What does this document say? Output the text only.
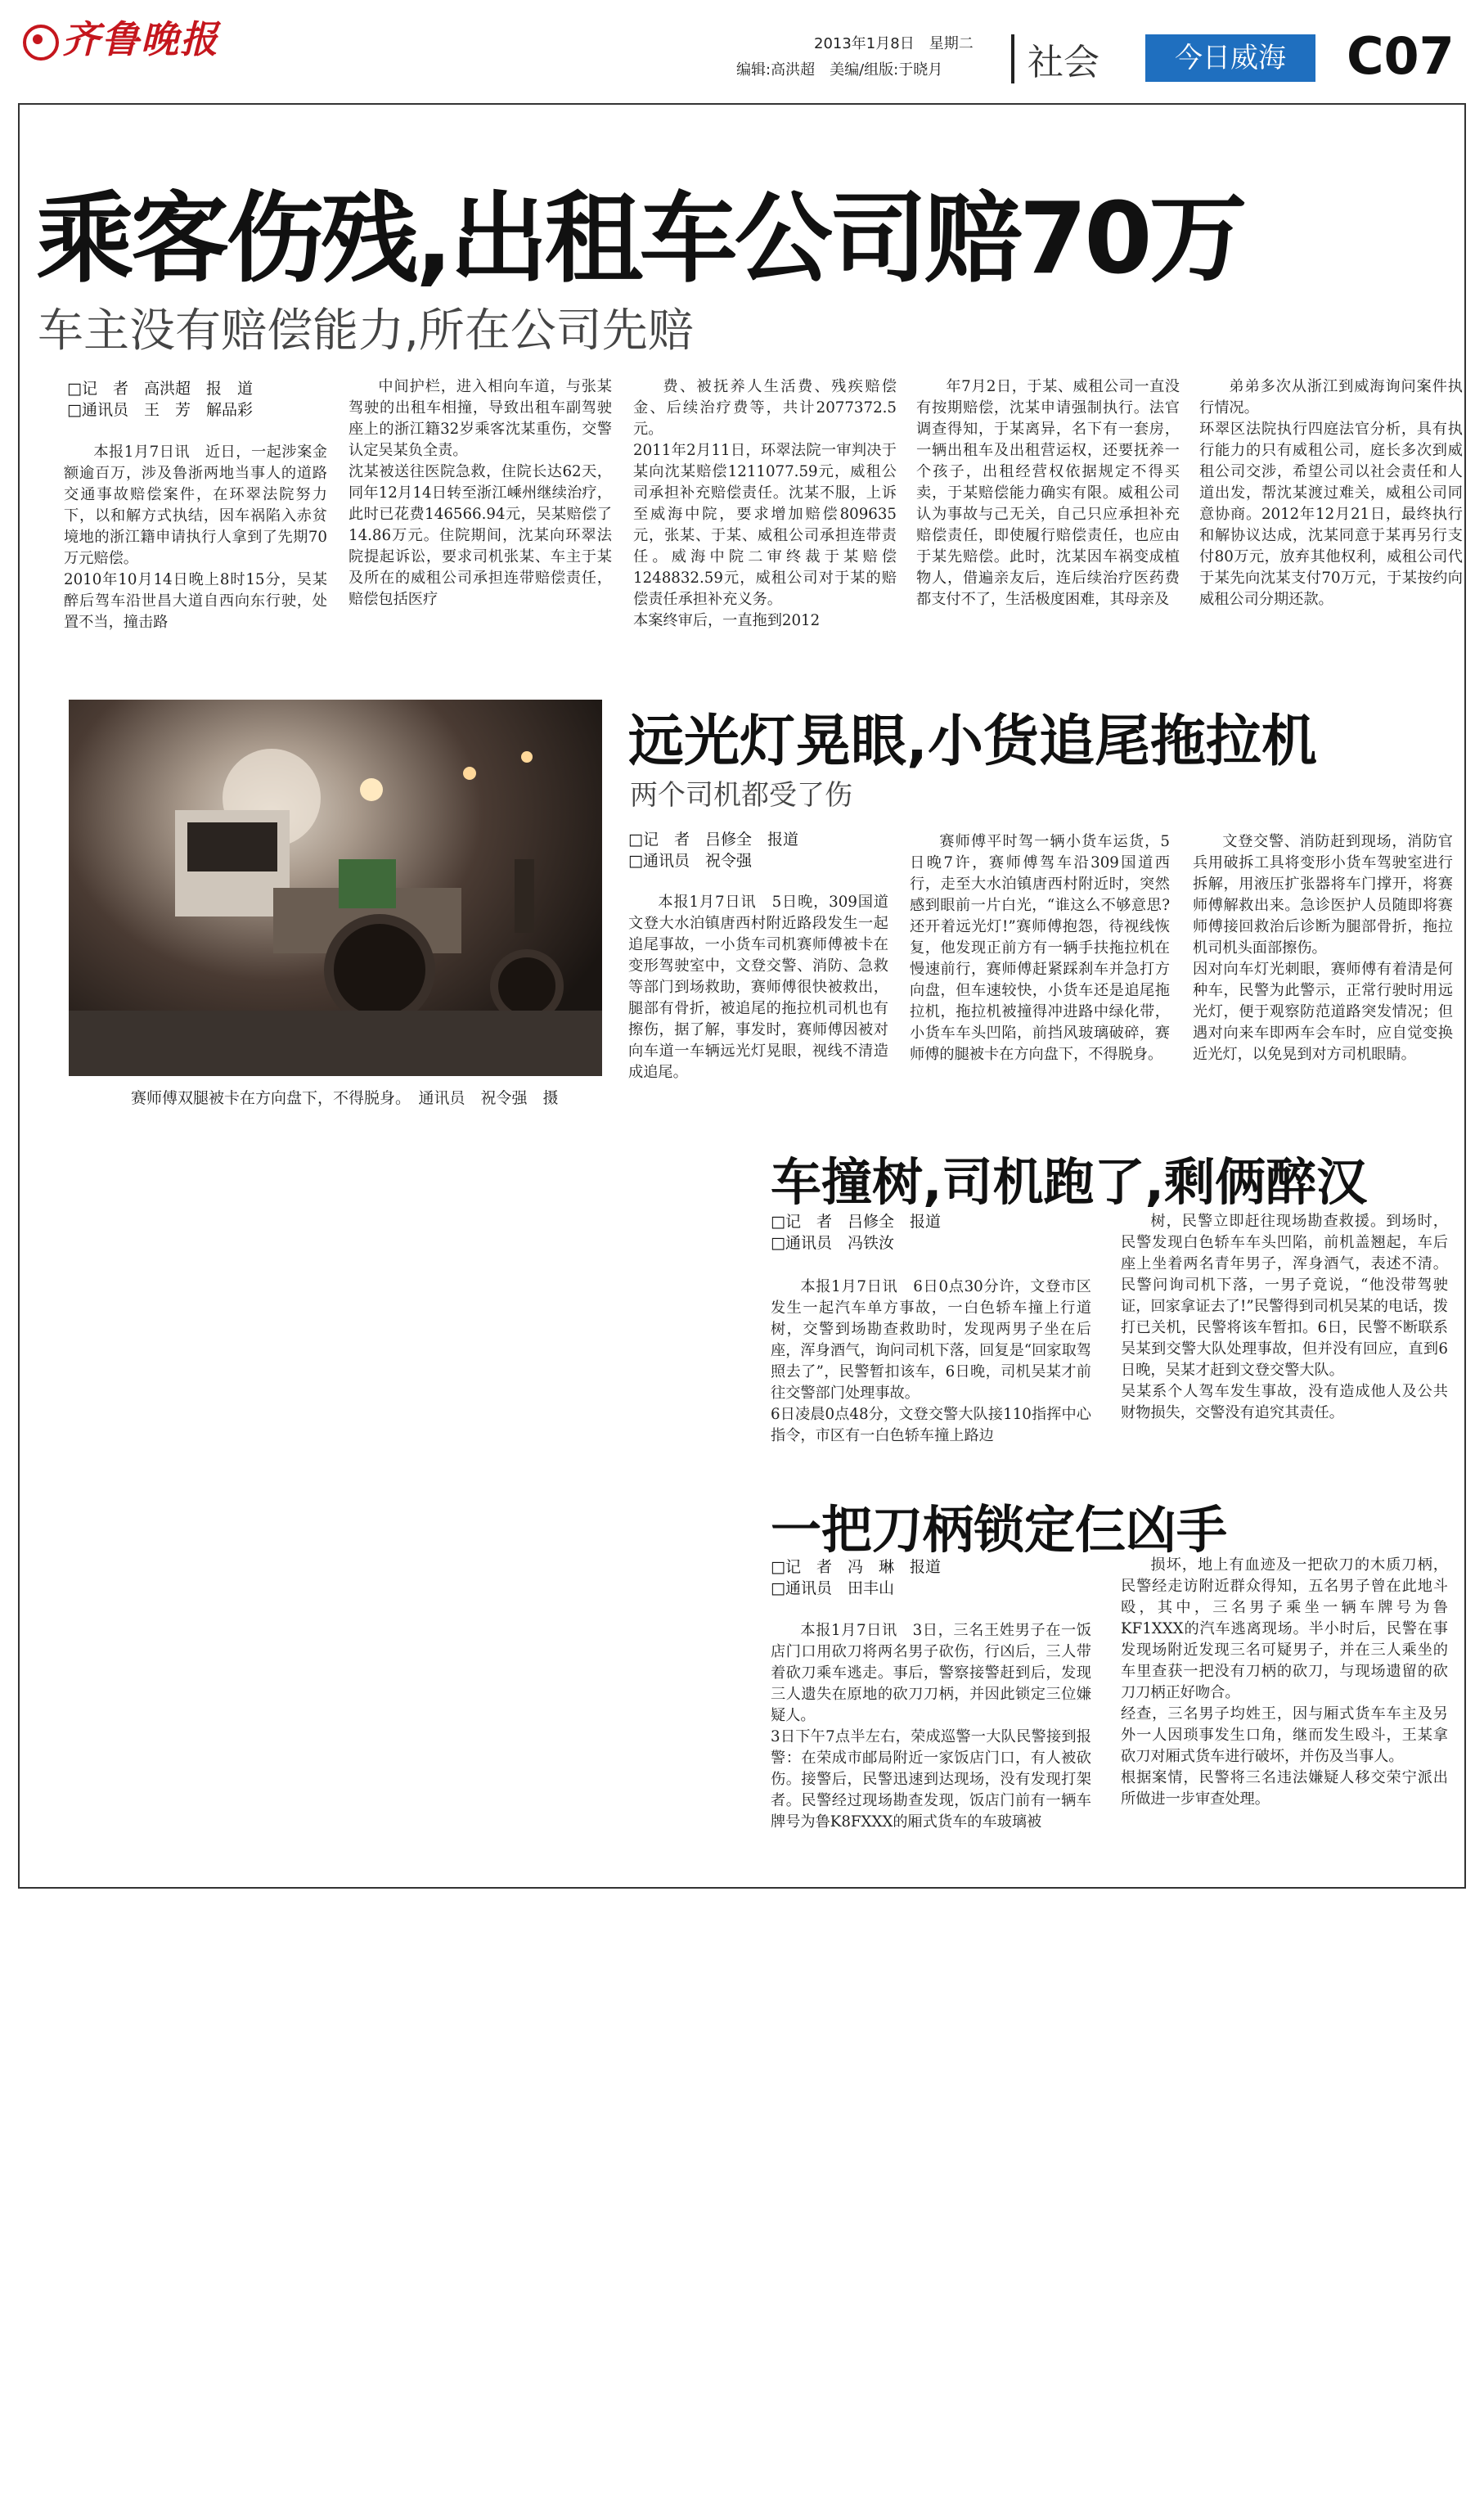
齐鲁晚报	2013年1月8日　星期二
编辑:高洪超　美编/组版:于晓月	社会	今日威海	C07
乘客伤残,出租车公司赔70万
车主没有赔偿能力,所在公司先赔
□记　者　高洪超　报　道
□通讯员　王　芳　解品彩

本报1月7日讯　近日，一起涉案金额逾百万，涉及鲁浙两地当事人的道路交通事故赔偿案件，在环翠法院努力下，以和解方式执结，因车祸陷入赤贫境地的浙江籍申请执行人拿到了先期70万元赔偿。
2010年10月14日晚上8时15分，吴某醉后驾车沿世昌大道自西向东行驶，处置不当，撞击路

中间护栏，进入相向车道，与张某驾驶的出租车相撞，导致出租车副驾驶座上的浙江籍32岁乘客沈某重伤，交警认定吴某负全责。
沈某被送往医院急救，住院长达62天，同年12月14日转至浙江嵊州继续治疗，此时已花费146566.94元，吴某赔偿了14.86万元。住院期间，沈某向环翠法院提起诉讼，要求司机张某、车主于某及所在的威租公司承担连带赔偿责任，赔偿包括医疗

费、被抚养人生活费、残疾赔偿金、后续治疗费等，共计2077372.5元。
2011年2月11日，环翠法院一审判决于某向沈某赔偿1211077.59元，威租公司承担补充赔偿责任。沈某不服，上诉至威海中院，要求增加赔偿809635元，张某、于某、威租公司承担连带责任。威海中院二审终裁于某赔偿1248832.59元，威租公司对于某的赔偿责任承担补充义务。
本案终审后，一直拖到2012

年7月2日，于某、威租公司一直没有按期赔偿，沈某申请强制执行。法官调查得知，于某离异，名下有一套房，一辆出租车及出租营运权，还要抚养一个孩子，出租经营权依据规定不得买卖，于某赔偿能力确实有限。威租公司认为事故与己无关，自己只应承担补充赔偿责任，即使履行赔偿责任，也应由于某先赔偿。此时，沈某因车祸变成植物人，借遍亲友后，连后续治疗医药费都支付不了，生活极度困难，其母亲及

弟弟多次从浙江到威海询问案件执行情况。
环翠区法院执行四庭法官分析，具有执行能力的只有威租公司，庭长多次到威租公司交涉，希望公司以社会责任和人道出发，帮沈某渡过难关，威租公司同意协商。2012年12月21日，最终执行和解协议达成，沈某同意于某再另行支付80万元，放弃其他权利，威租公司代于某先向沈某支付70万元，于某按约向威租公司分期还款。

赛师傅双腿被卡在方向盘下，不得脱身。　通讯员　祝令强　摄
远光灯晃眼,小货追尾拖拉机
两个司机都受了伤
□记　者　吕修全　报道
□通讯员　祝令强

本报1月7日讯　5日晚，309国道文登大水泊镇唐西村附近路段发生一起追尾事故，一小货车司机赛师傅被卡在变形驾驶室中，文登交警、消防、急救等部门到场救助，赛师傅很快被救出，腿部有骨折，被追尾的拖拉机司机也有擦伤，据了解，事发时，赛师傅因被对向车道一车辆远光灯晃眼，视线不清造成追尾。

赛师傅平时驾一辆小货车运货，5日晚7许，赛师傅驾车沿309国道西行，走至大水泊镇唐西村附近时，突然感到眼前一片白光，“谁这么不够意思?还开着远光灯!”赛师傅抱怨，待视线恢复，他发现正前方有一辆手扶拖拉机在慢速前行，赛师傅赶紧踩刹车并急打方向盘，但车速较快，小货车还是追尾拖拉机，拖拉机被撞得冲进路中绿化带，小货车车头凹陷，前挡风玻璃破碎，赛师傅的腿被卡在方向盘下，不得脱身。

文登交警、消防赶到现场，消防官兵用破拆工具将变形小货车驾驶室进行拆解，用液压扩张器将车门撑开，将赛师傅解救出来。急诊医护人员随即将赛师傅接回救治后诊断为腿部骨折，拖拉机司机头面部擦伤。
因对向车灯光刺眼，赛师傅有着清是何种车，民警为此警示，正常行驶时用远光灯，便于观察防范道路突发情况；但遇对向来车即两车会车时，应自觉变换近光灯，以免晃到对方司机眼睛。

车撞树,司机跑了,剩俩醉汉
□记　者　吕修全　报道
□通讯员　冯铁汝

本报1月7日讯　6日0点30分许，文登市区发生一起汽车单方事故，一白色轿车撞上行道树，交警到场勘查救助时，发现两男子坐在后座，浑身酒气，询问司机下落，回复是“回家取驾照去了”，民警暂扣该车，6日晚，司机吴某才前往交警部门处理事故。
6日凌晨0点48分，文登交警大队接110指挥中心指令，市区有一白色轿车撞上路边

树，民警立即赶往现场勘查救援。到场时，民警发现白色轿车车头凹陷，前机盖翘起，车后座上坐着两名青年男子，浑身酒气，表述不清。民警问询司机下落，一男子竟说，“他没带驾驶证，回家拿证去了!”民警得到司机吴某的电话，拨打已关机，民警将该车暂扣。6日，民警不断联系吴某到交警大队处理事故，但并没有回应，直到6日晚，吴某才赶到文登交警大队。
吴某系个人驾车发生事故，没有造成他人及公共财物损失，交警没有追究其责任。

一把刀柄锁定仨凶手
□记　者　冯　琳　报道
□通讯员　田丰山

本报1月7日讯　3日，三名王姓男子在一饭店门口用砍刀将两名男子砍伤，行凶后，三人带着砍刀乘车逃走。事后，警察接警赶到后，发现三人遗失在原地的砍刀刀柄，并因此锁定三位嫌疑人。
3日下午7点半左右，荣成巡警一大队民警接到报警：在荣成市邮局附近一家饭店门口，有人被砍伤。接警后，民警迅速到达现场，没有发现打架者。民警经过现场勘查发现，饭店门前有一辆车牌号为鲁K8FXXX的厢式货车的车玻璃被

损坏，地上有血迹及一把砍刀的木质刀柄，民警经走访附近群众得知，五名男子曾在此地斗殴，其中，三名男子乘坐一辆车牌号为鲁KF1XXX的汽车逃离现场。半小时后，民警在事发现场附近发现三名可疑男子，并在三人乘坐的车里查获一把没有刀柄的砍刀，与现场遗留的砍刀刀柄正好吻合。
经查，三名男子均姓王，因与厢式货车车主及另外一人因琐事发生口角，继而发生殴斗，王某拿砍刀对厢式货车进行破坏，并伤及当事人。
根据案情，民警将三名违法嫌疑人移交荣宁派出所做进一步审查处理。
